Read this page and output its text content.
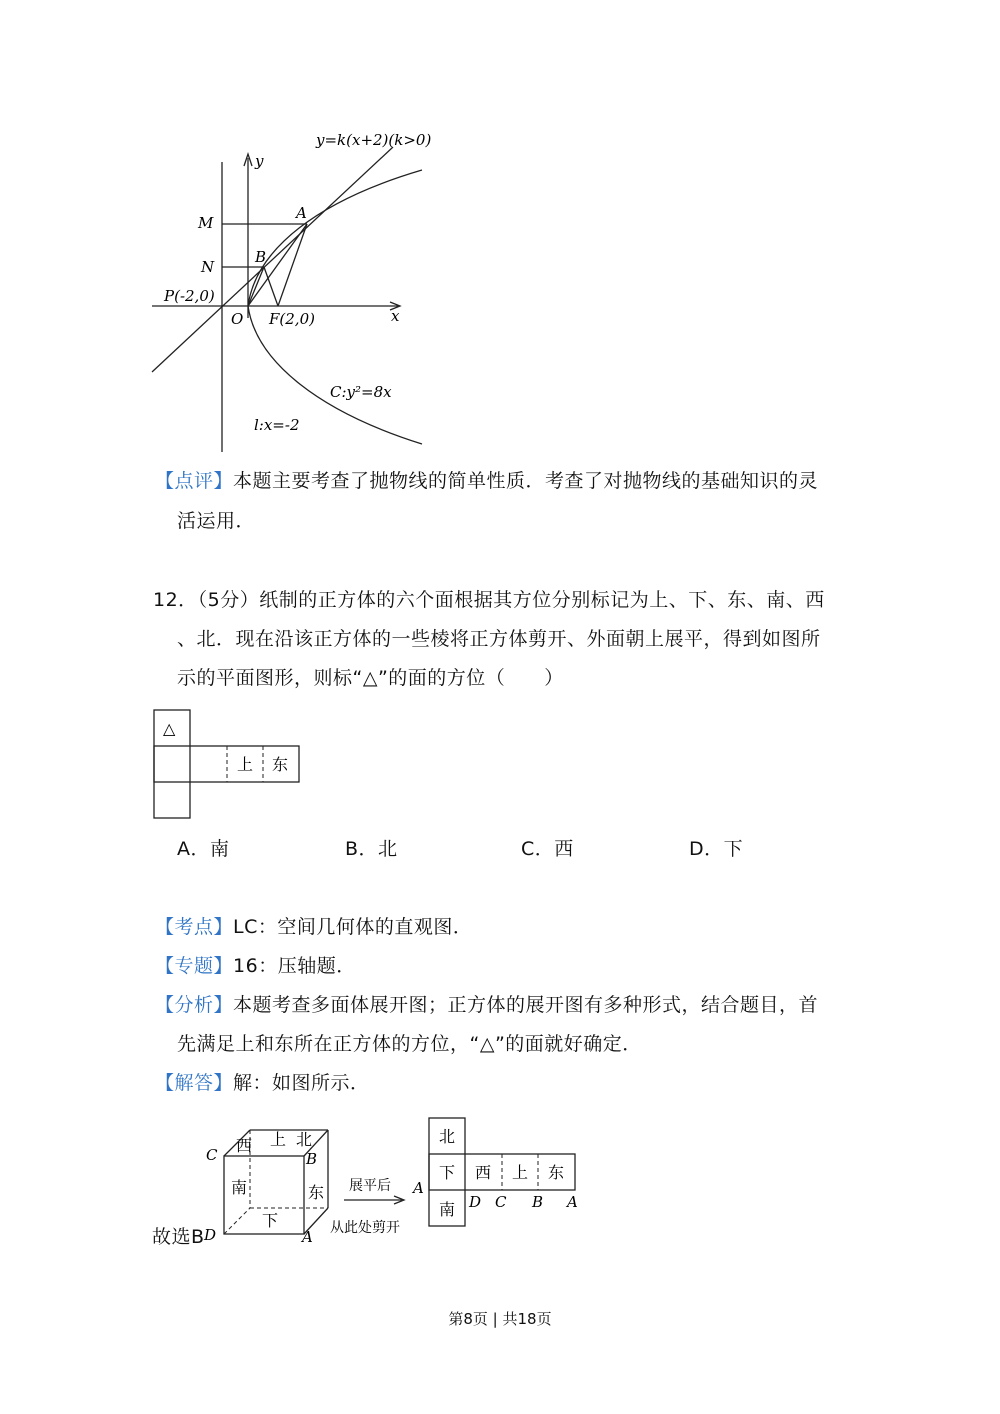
y=k(x+2)(k>0)
y
x
M
N
A
B
P(-2,0)
O F(2,0)
C:y²=8x
l:x=-2
【点评】本题主要考查了抛物线的简单性质．考查了对抛物线的基础知识的灵
活运用．
12．（5分）纸制的正方体的六个面根据其方位分别标记为上、下、东、南、西
、北．现在沿该正方体的一些棱将正方体剪开、外面朝上展平，得到如图所
示的平面图形，则标“△”的面的方位（　　）
△
上 东
A．南	B．北	C．西	D．下
【考点】LC：空间几何体的直观图．
【专题】16：压轴题．
【分析】本题考查多面体展开图；正方体的展开图有多种形式，结合题目，首
先满足上和东所在正方体的方位，“△”的面就好确定．
【解答】解：如图所示．
故选B
西 上 北
南	东
下
C	B
D	A
展平后
从此处剪开
北
下 西 上 东
南
A
D C B A
第8页 | 共18页
